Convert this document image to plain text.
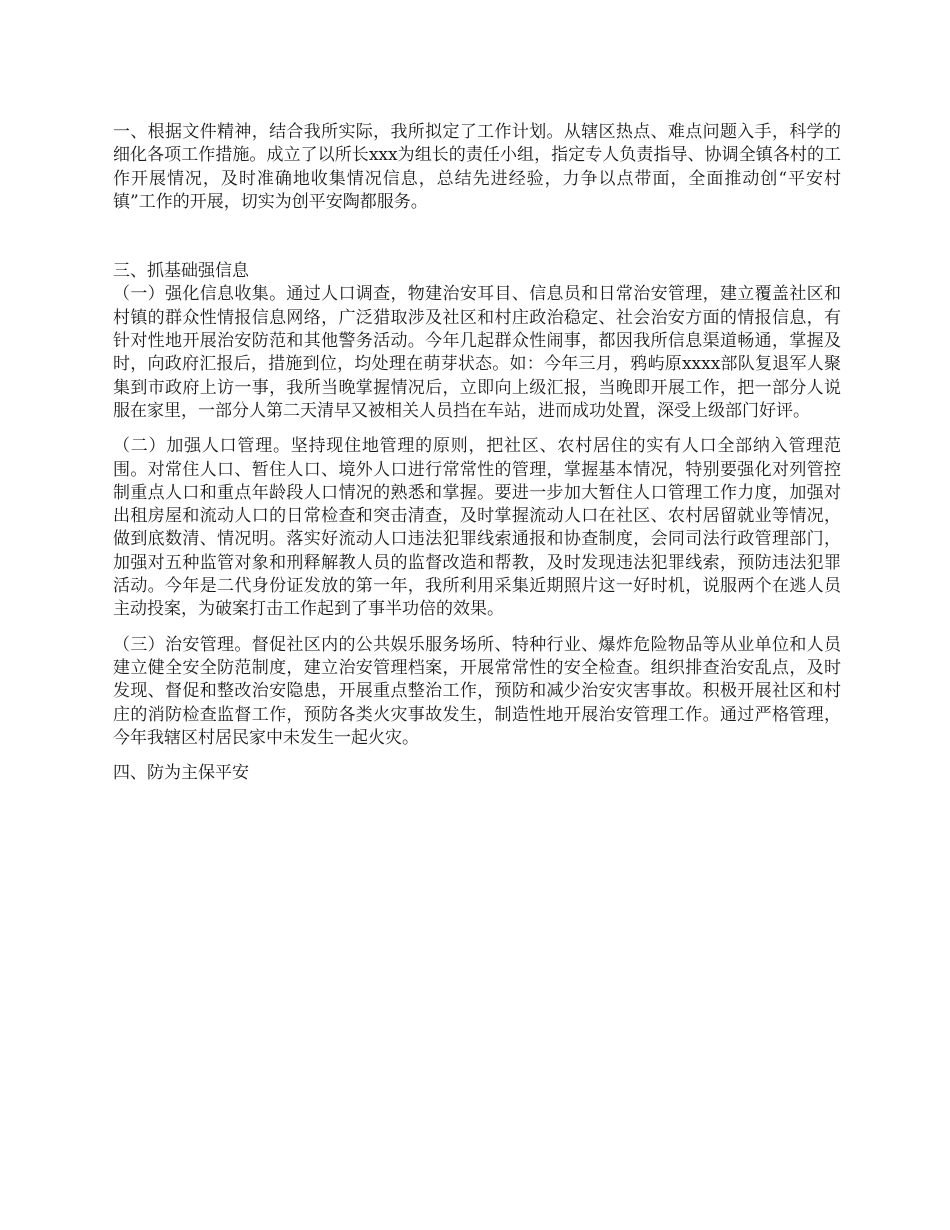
一、根据文件精神，结合我所实际，我所拟定了工作计划。从辖区热点、难点问题入手，科学的细化各项工作措施。成立了以所长xxx为组长的责任小组，指定专人负责指导、协调全镇各村的工作开展情况，及时准确地收集情况信息，总结先进经验，力争以点带面，全面推动创“平安村镇”工作的开展，切实为创平安陶都服务。

三、抓基础强信息

（一）强化信息收集。通过人口调查，物建治安耳目、信息员和日常治安管理，建立覆盖社区和村镇的群众性情报信息网络，广泛猎取涉及社区和村庄政治稳定、社会治安方面的情报信息，有针对性地开展治安防范和其他警务活动。今年几起群众性闹事，都因我所信息渠道畅通，掌握及时，向政府汇报后，措施到位，均处理在萌芽状态。如：今年三月，鸦屿原xxxx部队复退军人聚集到市政府上访一事，我所当晚掌握情况后，立即向上级汇报，当晚即开展工作，把一部分人说服在家里，一部分人第二天清早又被相关人员挡在车站，进而成功处置，深受上级部门好评。

（二）加强人口管理。坚持现住地管理的原则，把社区、农村居住的实有人口全部纳入管理范围。对常住人口、暂住人口、境外人口进行常常性的管理，掌握基本情况，特别要强化对列管控制重点人口和重点年龄段人口情况的熟悉和掌握。要进一步加大暂住人口管理工作力度，加强对出租房屋和流动人口的日常检查和突击清查，及时掌握流动人口在社区、农村居留就业等情况，做到底数清、情况明。落实好流动人口违法犯罪线索通报和协查制度，会同司法行政管理部门，加强对五种监管对象和刑释解教人员的监督改造和帮教，及时发现违法犯罪线索，预防违法犯罪活动。今年是二代身份证发放的第一年，我所利用采集近期照片这一好时机，说服两个在逃人员主动投案，为破案打击工作起到了事半功倍的效果。

（三）治安管理。督促社区内的公共娱乐服务场所、特种行业、爆炸危险物品等从业单位和人员建立健全安全防范制度，建立治安管理档案，开展常常性的安全检查。组织排查治安乱点，及时发现、督促和整改治安隐患，开展重点整治工作，预防和减少治安灾害事故。积极开展社区和村庄的消防检查监督工作，预防各类火灾事故发生，制造性地开展治安管理工作。通过严格管理，今年我辖区村居民家中未发生一起火灾。

四、防为主保平安
